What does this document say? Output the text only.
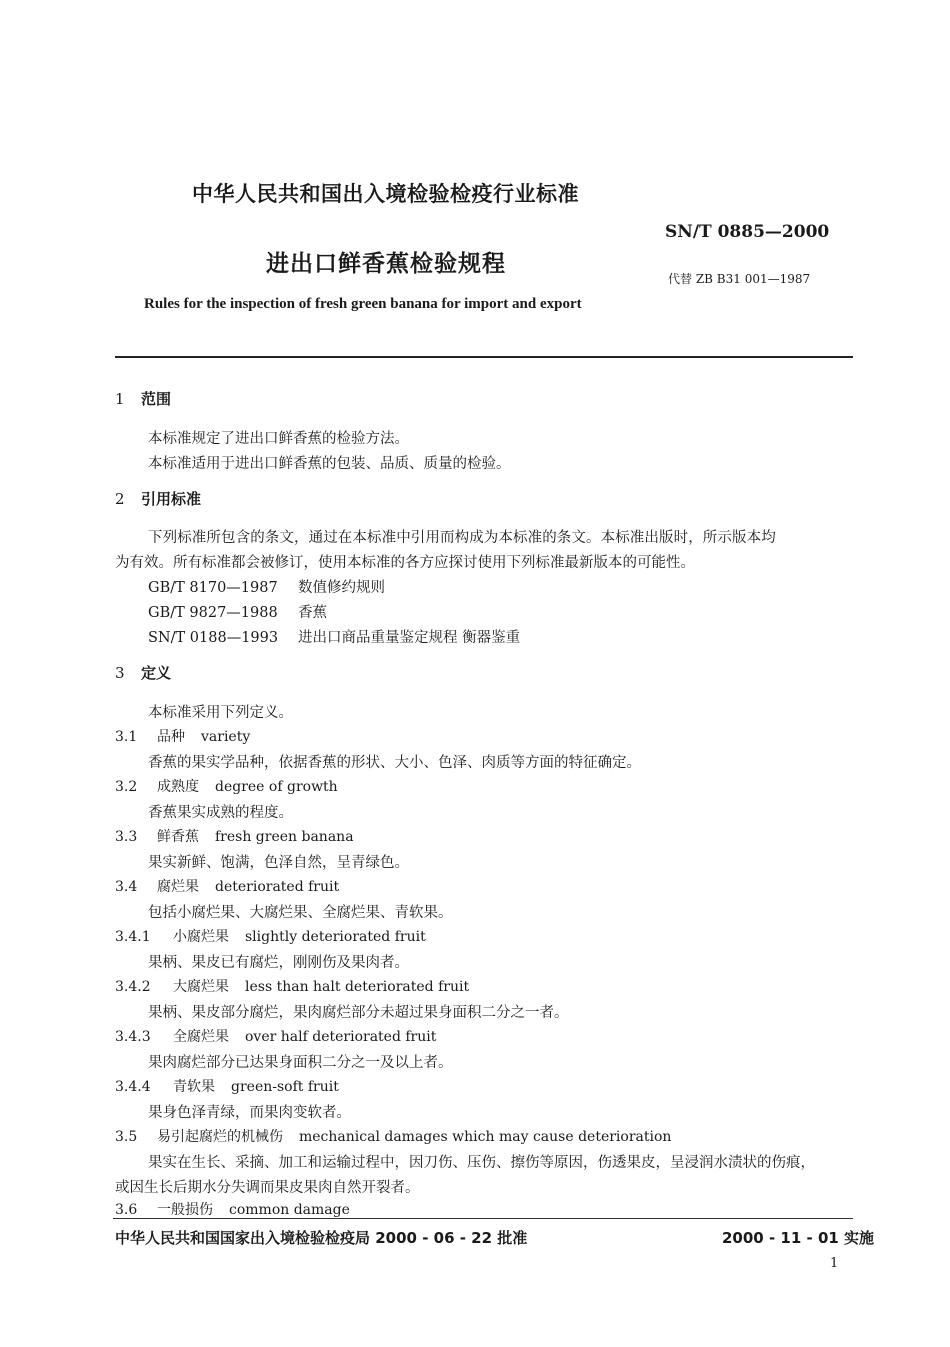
中华人民共和国出入境检验检疫行业标准
SN/T 0885—2000
进出口鲜香蕉检验规程
代替 ZB B31 001—1987
Rules for the inspection of fresh green banana for import and export
1 范围
本标准规定了进出口鲜香蕉的检验方法。
本标准适用于进出口鲜香蕉的包装、品质、质量的检验。
2 引用标准
下列标准所包含的条文，通过在本标准中引用而构成为本标准的条文。本标准出版时，所示版本均
为有效。所有标准都会被修订，使用本标准的各方应探讨使用下列标准最新版本的可能性。
GB/T 8170—1987 数值修约规则
GB/T 9827—1988 香蕉
SN/T 0188—1993 进出口商品重量鉴定规程 衡器鉴重
3 定义
本标准采用下列定义。
3.1 品种 variety
香蕉的果实学品种，依据香蕉的形状、大小、色泽、肉质等方面的特征确定。
3.2 成熟度 degree of growth
香蕉果实成熟的程度。
3.3 鲜香蕉 fresh green banana
果实新鲜、饱满，色泽自然，呈青绿色。
3.4 腐烂果 deteriorated fruit
包括小腐烂果、大腐烂果、全腐烂果、青软果。
3.4.1 小腐烂果 slightly deteriorated fruit
果柄、果皮已有腐烂，刚刚伤及果肉者。
3.4.2 大腐烂果 less than halt deteriorated fruit
果柄、果皮部分腐烂，果肉腐烂部分未超过果身面积二分之一者。
3.4.3 全腐烂果 over half deteriorated fruit
果肉腐烂部分已达果身面积二分之一及以上者。
3.4.4 青软果 green-soft fruit
果身色泽青绿，而果肉变软者。
3.5 易引起腐烂的机械伤 mechanical damages which may cause deterioration
果实在生长、采摘、加工和运输过程中，因刀伤、压伤、擦伤等原因，伤透果皮，呈浸润水渍状的伤痕，
或因生长后期水分失调而果皮果肉自然开裂者。
3.6 一般损伤 common damage
中华人民共和国国家出入境检验检疫局 2000 - 06 - 22 批准	2000 - 11 - 01 实施
1
